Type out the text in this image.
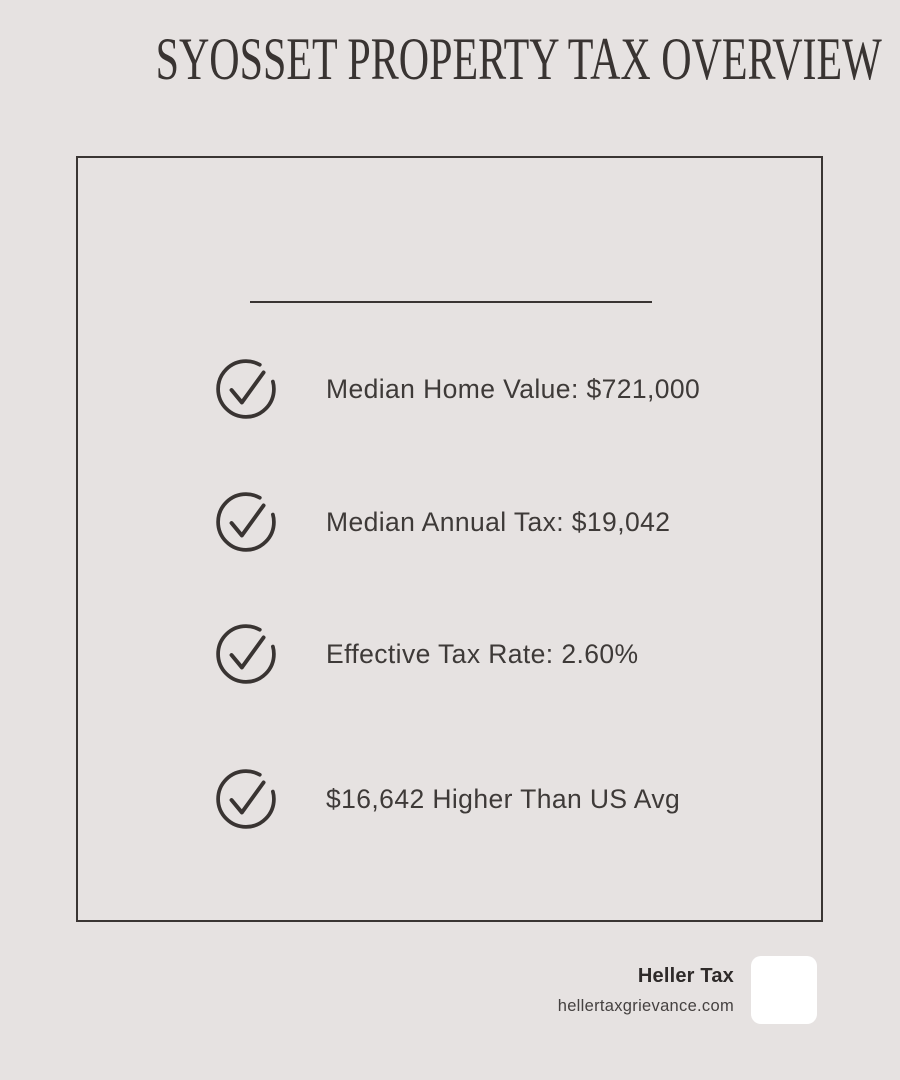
SYOSSET PROPERTY TAX OVERVIEW
Median Home Value: $721,000
Median Annual Tax: $19,042
Effective Tax Rate: 2.60%
$16,642 Higher Than US Avg
Heller Tax
hellertaxgrievance.com
